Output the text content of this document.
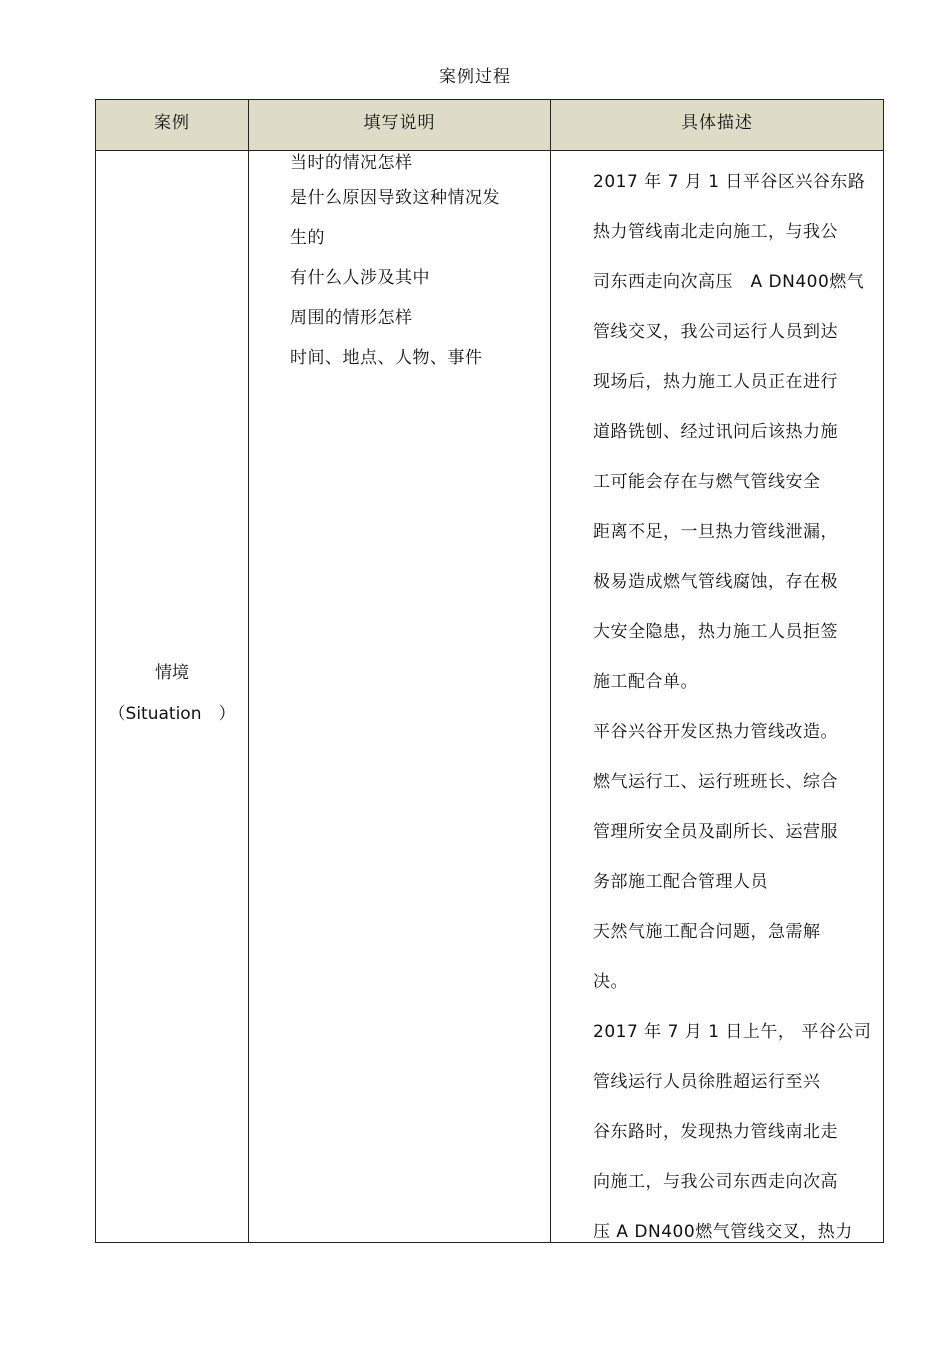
案例过程
案例	填写说明	具体描述
情境
（Situation　）
当时的情况怎样
是什么原因导致这种情况发
生的
有什么人涉及其中
周围的情形怎样
时间、地点、人物、事件
2017 年 7 月 1 日平谷区兴谷东路
热力管线南北走向施工，与我公
司东西走向次高压　A DN400燃气
管线交叉，我公司运行人员到达
现场后，热力施工人员正在进行
道路铣刨、经过讯问后该热力施
工可能会存在与燃气管线安全
距离不足，一旦热力管线泄漏，
极易造成燃气管线腐蚀，存在极
大安全隐患，热力施工人员拒签
施工配合单。
平谷兴谷开发区热力管线改造。
燃气运行工、运行班班长、综合
管理所安全员及副所长、运营服
务部施工配合管理人员
天然气施工配合问题，急需解
决。
2017 年 7 月 1 日上午， 平谷公司
管线运行人员徐胜超运行至兴
谷东路时，发现热力管线南北走
向施工，与我公司东西走向次高
压 A DN400燃气管线交叉，热力
